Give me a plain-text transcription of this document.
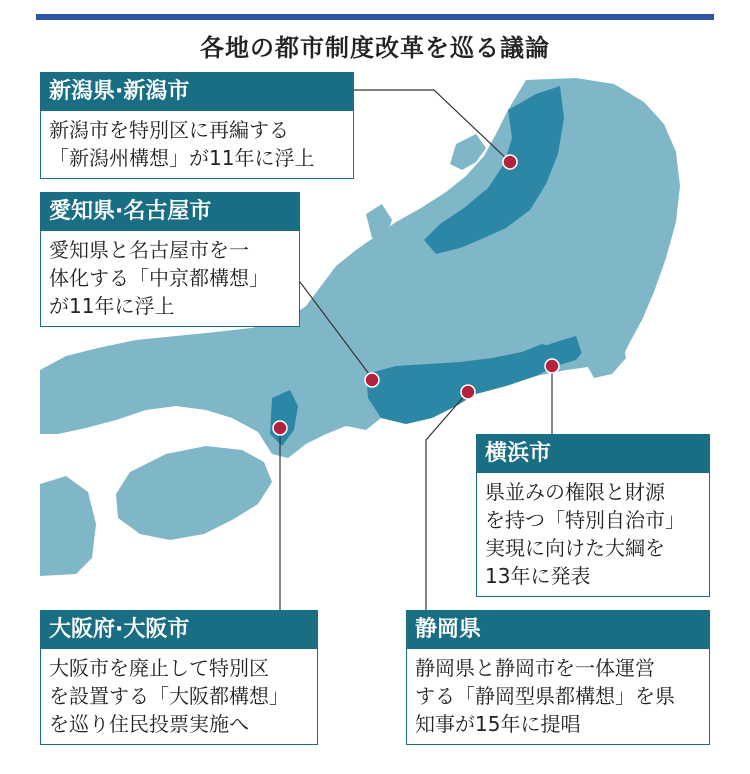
各地の都市制度改革を巡る議論
新潟県·新潟市
新潟市を特別区に再編する
「新潟州構想」が11年に浮上
愛知県·名古屋市
愛知県と名古屋市を一
体化する「中京都構想」
が11年に浮上
横浜市
県並みの権限と財源
を持つ「特別自治市」
実現に向けた大綱を
13年に発表
大阪府·大阪市
大阪市を廃止して特別区
を設置する「大阪都構想」
を巡り住民投票実施へ
静岡県
静岡県と静岡市を一体運営
する「静岡型県都構想」を県
知事が15年に提唱
